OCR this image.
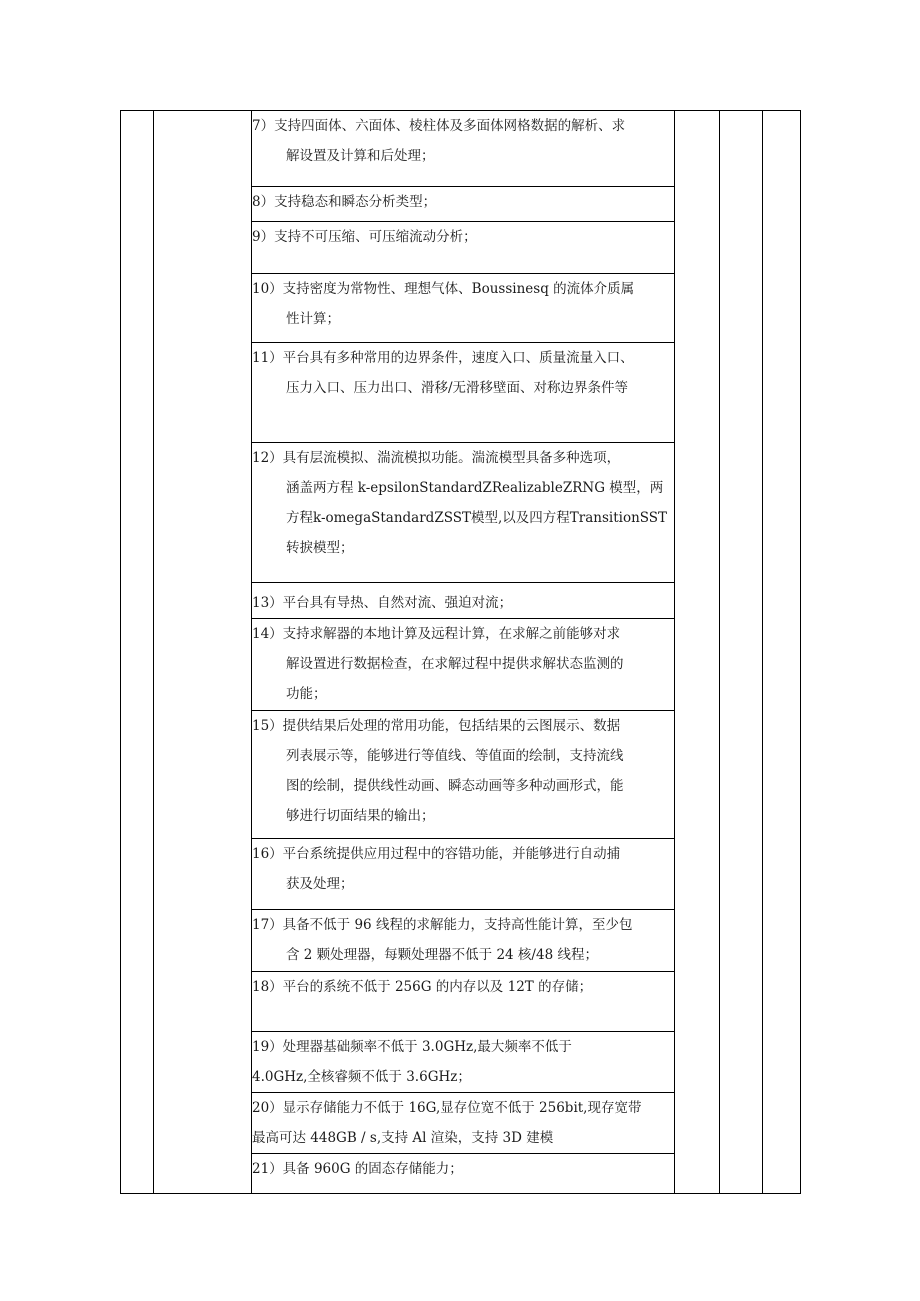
7）支持四面体、六面体、棱柱体及多面体网格数据的解析、求
解设置及计算和后处理；

8）支持稳态和瞬态分析类型；

9）支持不可压缩、可压缩流动分析；

10）支持密度为常物性、理想气体、Boussinesq 的流体介质属
性计算；

11）平台具有多种常用的边界条件，速度入口、质量流量入口、
压力入口、压力出口、滑移/无滑移壁面、对称边界条件等

12）具有层流模拟、湍流模拟功能。湍流模型具备多种选项，
涵盖两方程 k-epsilonStandardZRealizableZRNG 模型，两
方程k-omegaStandardZSST模型,以及四方程TransitionSST
转捩模型；

13）平台具有导热、自然对流、强迫对流；

14）支持求解器的本地计算及远程计算，在求解之前能够对求
解设置进行数据检查，在求解过程中提供求解状态监测的
功能；

15）提供结果后处理的常用功能，包括结果的云图展示、数据
列表展示等，能够进行等值线、等值面的绘制，支持流线
图的绘制，提供线性动画、瞬态动画等多种动画形式，能
够进行切面结果的输出；

16）平台系统提供应用过程中的容错功能，并能够进行自动捕
获及处理；

17）具备不低于 96 线程的求解能力，支持高性能计算，至少包
含 2 颗处理器，每颗处理器不低于 24 核/48 线程；

18）平台的系统不低于 256G 的内存以及 12T 的存储；

19）处理器基础频率不低于 3.0GHz,最大频率不低于
4.0GHz,全核睿频不低于 3.6GHz；

20）显示存储能力不低于 16G,显存位宽不低于 256bit,现存宽带
最高可达 448GB / s,支持 Al 渲染，支持 3D 建模

21）具备 960G 的固态存储能力；
